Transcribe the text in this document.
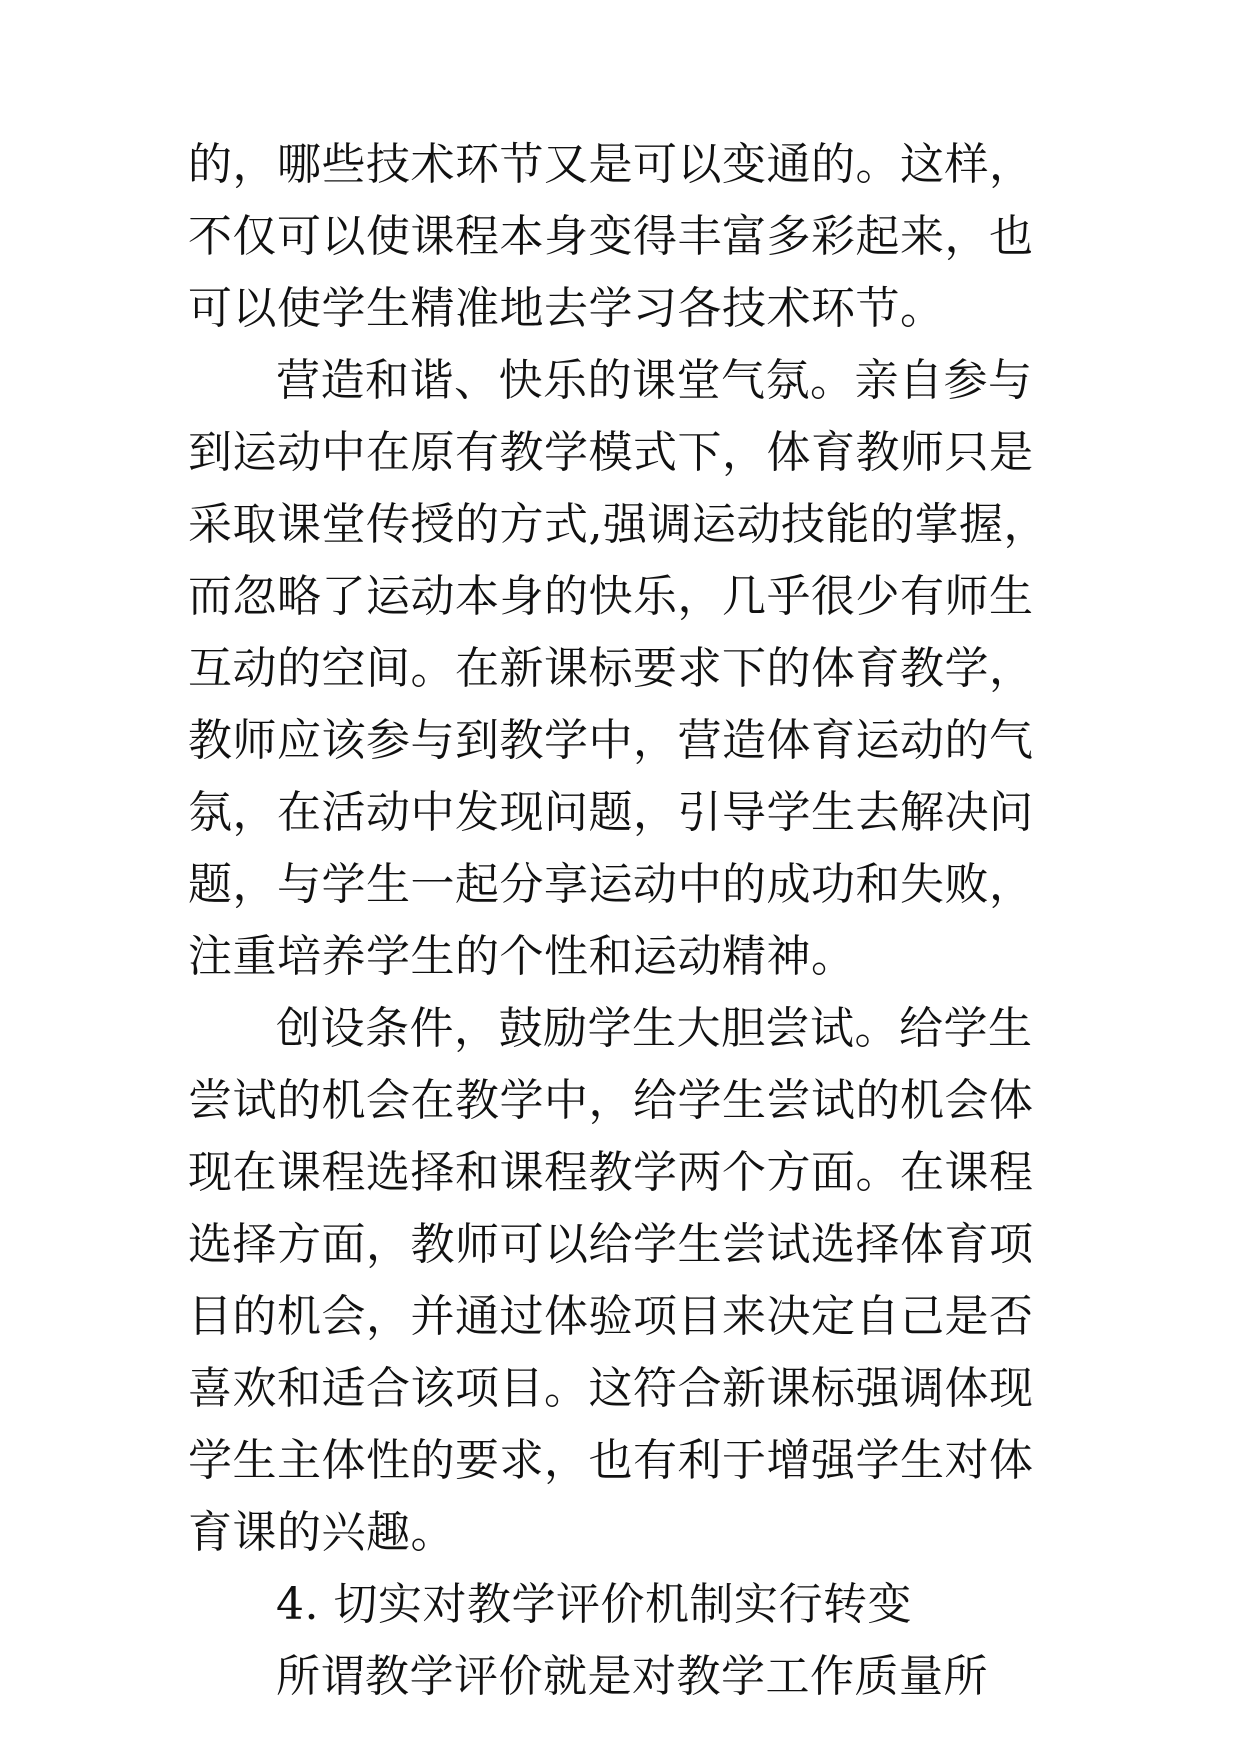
的，哪些技术环节又是可以变通的。这样，
不仅可以使课程本身变得丰富多彩起来，也
可以使学生精准地去学习各技术环节。
营造和谐、快乐的课堂气氛。亲自参与
到运动中在原有教学模式下，体育教师只是
采取课堂传授的方式,强调运动技能的掌握，
而忽略了运动本身的快乐，几乎很少有师生
互动的空间。在新课标要求下的体育教学，
教师应该参与到教学中，营造体育运动的气
氛，在活动中发现问题，引导学生去解决问
题，与学生一起分享运动中的成功和失败，
注重培养学生的个性和运动精神。
创设条件，鼓励学生大胆尝试。给学生
尝试的机会在教学中，给学生尝试的机会体
现在课程选择和课程教学两个方面。在课程
选择方面，教师可以给学生尝试选择体育项
目的机会，并通过体验项目来决定自己是否
喜欢和适合该项目。这符合新课标强调体现
学生主体性的要求，也有利于增强学生对体
育课的兴趣。
4. 切实对教学评价机制实行转变
所谓教学评价就是对教学工作质量所
